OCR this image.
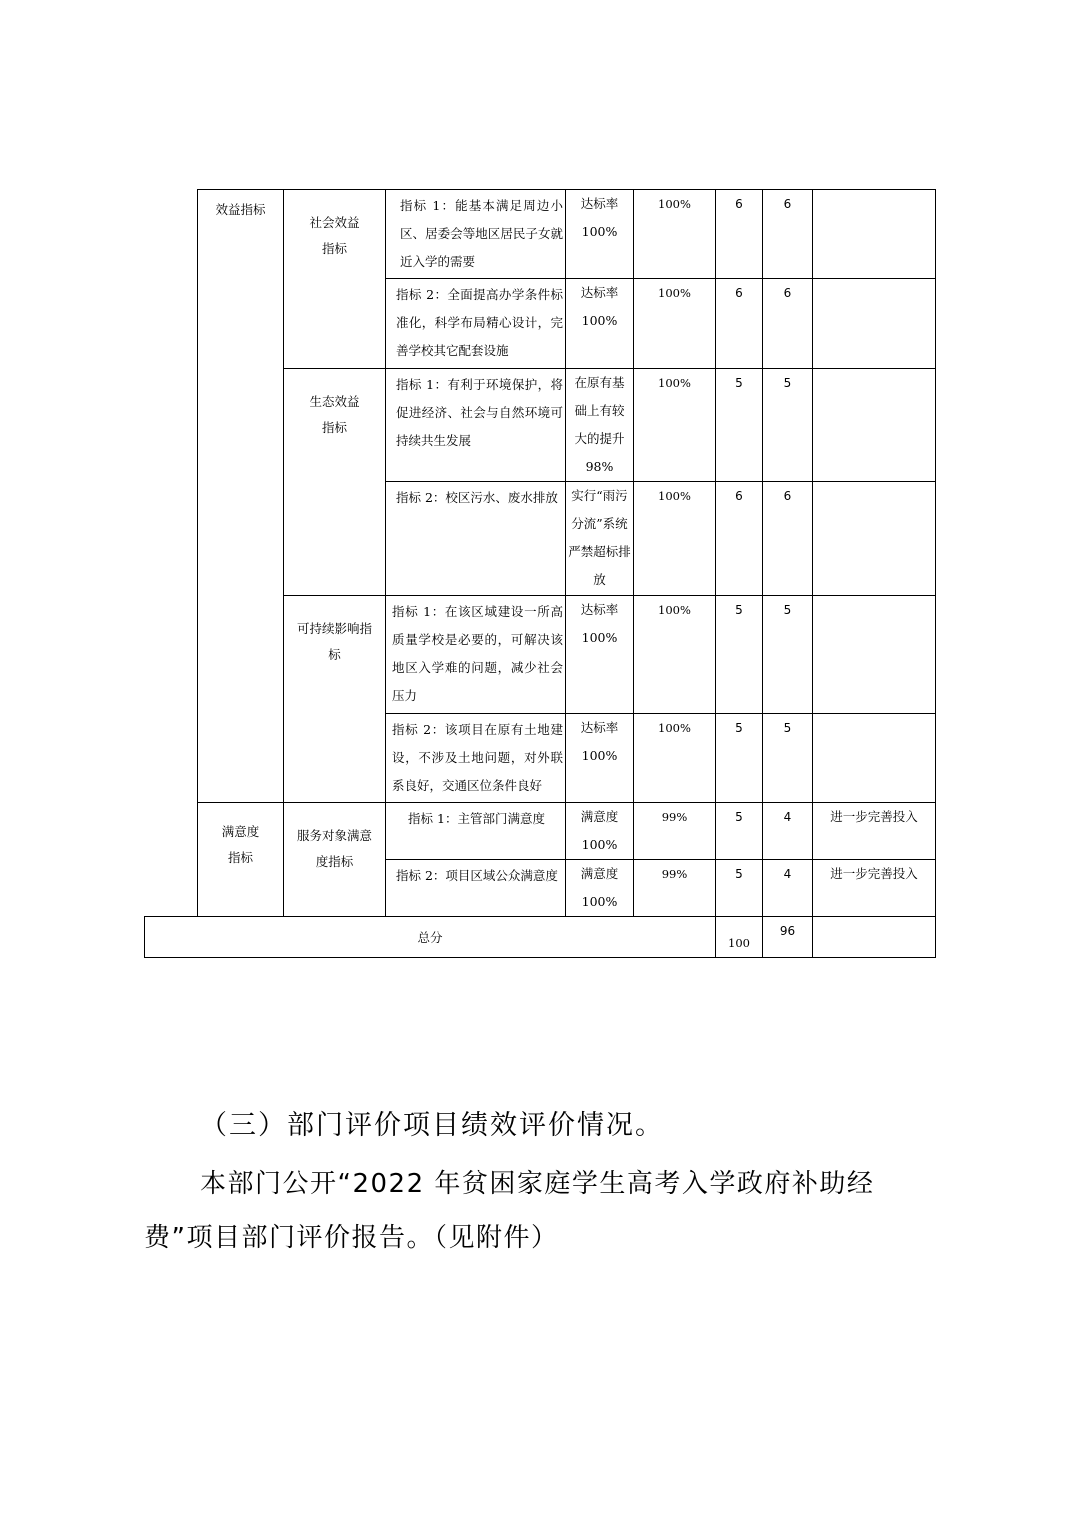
	效益指标	社会效益指标	指标 1：能基本满足周边小区、居委会等地区居民子女就近入学的需要	达标率100%	100%	6	6	

			指标 2：全面提高办学条件标准化，科学布局精心设计，完善学校其它配套设施	达标率100%	100%	6	6	

		生态效益指标	指标 1：有利于环境保护，将促进经济、社会与自然环境可持续共生发展	在原有基础上有较大的提升98%	100%	5	5	

			指标 2：校区污水、废水排放	实行“雨污分流”系统严禁超标排放	100%	6	6	

		可持续影响指标	指标 1：在该区域建设一所高质量学校是必要的，可解决该地区入学难的问题，减少社会压力	达标率100%	100%	5	5	

			指标 2：该项目在原有土地建设，不涉及土地问题，对外联系良好，交通区位条件良好	达标率100%	100%	5	5	

	满意度指标	服务对象满意度指标	指标 1：主管部门满意度	满意度100%	99%	5	4	进一步完善投入

			指标 2：项目区域公众满意度	满意度100%	99%	5	4	进一步完善投入

总分						100	96	

（三）部门评价项目绩效评价情况。
本部门公开“2022 年贫困家庭学生高考入学政府补助经费”项目部门评价报告。（见附件）
